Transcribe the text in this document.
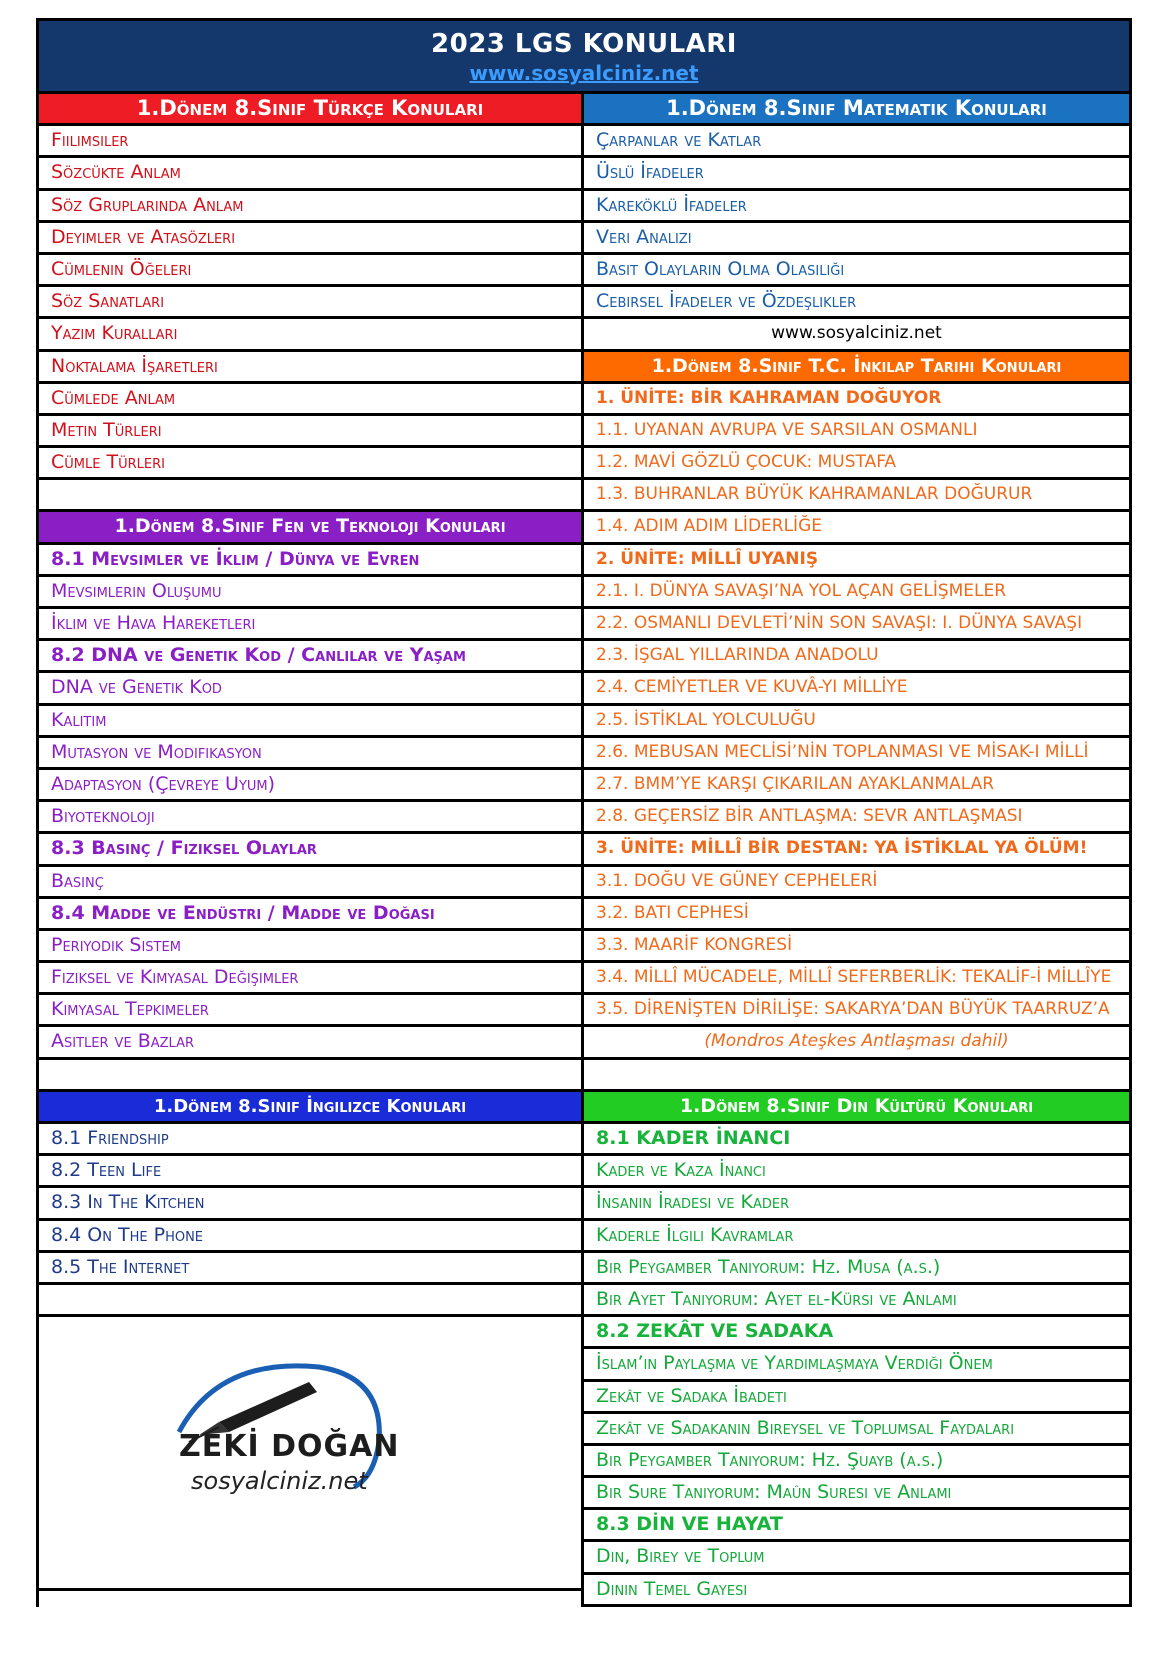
2023 LGS KONULARI
www.sosyalciniz.net
1.Dönem 8.Sınıf Türkçe Konuları
Fiilimsiler
Sözcükte Anlam
Söz Gruplarında Anlam
Deyimler ve Atasözleri
Cümlenin Öğeleri
Söz Sanatları
Yazım Kuralları
Noktalama İşaretleri
Cümlede Anlam
Metin Türleri
Cümle Türleri
1.Dönem 8.Sınıf Fen ve Teknoloji Konuları
8.1 Mevsimler ve İklim / Dünya ve Evren
Mevsimlerin Oluşumu
İklim ve Hava Hareketleri
8.2 DNA ve Genetik Kod / Canlılar ve Yaşam
DNA ve Genetik Kod
Kalıtım
Mutasyon ve Modifikasyon
Adaptasyon (Çevreye Uyum)
Biyoteknoloji
8.3 Basınç / Fiziksel Olaylar
Basınç
8.4 Madde ve Endüstri / Madde ve Doğası
Periyodik Sistem
Fiziksel ve Kimyasal Değişimler
Kimyasal Tepkimeler
Asitler ve Bazlar
1.Dönem 8.Sınıf Matematik Konuları
Çarpanlar ve Katlar
Üslü İfadeler
Kareköklü İfadeler
Veri Analizi
Basit Olayların Olma Olasılığı
Cebirsel İfadeler ve Özdeşlikler
www.sosyalciniz.net
1.Dönem 8.Sınıf T.C. İnkılap Tarihi Konuları
1. ÜNİTE: BİR KAHRAMAN DOĞUYOR
1.1. UYANAN AVRUPA VE SARSILAN OSMANLI
1.2. MAVİ GÖZLÜ ÇOCUK: MUSTAFA
1.3. BUHRANLAR BÜYÜK KAHRAMANLAR DOĞURUR
1.4. ADIM ADIM LİDERLİĞE
2. ÜNİTE: MİLLÎ UYANIŞ
2.1. I. DÜNYA SAVAŞI’NA YOL AÇAN GELİŞMELER
2.2. OSMANLI DEVLETİ’NİN SON SAVAŞI: I. DÜNYA SAVAŞI
2.3. İŞGAL YILLARINDA ANADOLU
2.4. CEMİYETLER VE KUVÂ-YI MİLLİYE
2.5. İSTİKLAL YOLCULUĞU
2.6. MEBUSAN MECLİSİ’NİN TOPLANMASI VE MİSAK-I MİLLİ
2.7. BMM’YE KARŞI ÇIKARILAN AYAKLANMALAR
2.8. GEÇERSİZ BİR ANTLAŞMA: SEVR ANTLAŞMASI
3. ÜNİTE: MİLLÎ BİR DESTAN: YA İSTİKLAL YA ÖLÜM!
3.1. DOĞU VE GÜNEY CEPHELERİ
3.2. BATI CEPHESİ
3.3. MAARİF KONGRESİ
3.4. MİLLÎ MÜCADELE, MİLLÎ SEFERBERLİK: TEKALİF-İ MİLLÎYE
3.5. DİRENİŞTEN DİRİLİŞE: SAKARYA’DAN BÜYÜK TAARRUZ’A
(Mondros Ateşkes Antlaşması dahil)
1.Dönem 8.Sınıf İngilizce Konuları
8.1 Friendship
8.2 Teen Life
8.3 In The Kitchen
8.4 On The Phone
8.5 The Internet
ZEKİ DOĞAN
sosyalciniz.net
1.Dönem 8.Sınıf Din Kültürü Konuları
8.1 KADER İNANCI
Kader ve Kaza İnancı
İnsanın İradesi ve Kader
Kaderle İlgili Kavramlar
Bir Peygamber Tanıyorum: Hz. Musa (a.s.)
Bir Ayet Tanıyorum: Ayet el-Kürsi ve Anlamı
8.2 ZEKÂT VE SADAKA
İslam’ın Paylaşma ve Yardımlaşmaya Verdiği Önem
Zekât ve Sadaka İbadeti
Zekât ve Sadakanın Bireysel ve Toplumsal Faydaları
Bir Peygamber Tanıyorum: Hz. Şuayb (a.s.)
Bir Sure Tanıyorum: Maûn Suresi ve Anlamı
8.3 DİN VE HAYAT
Din, Birey ve Toplum
Dinin Temel Gayesi
